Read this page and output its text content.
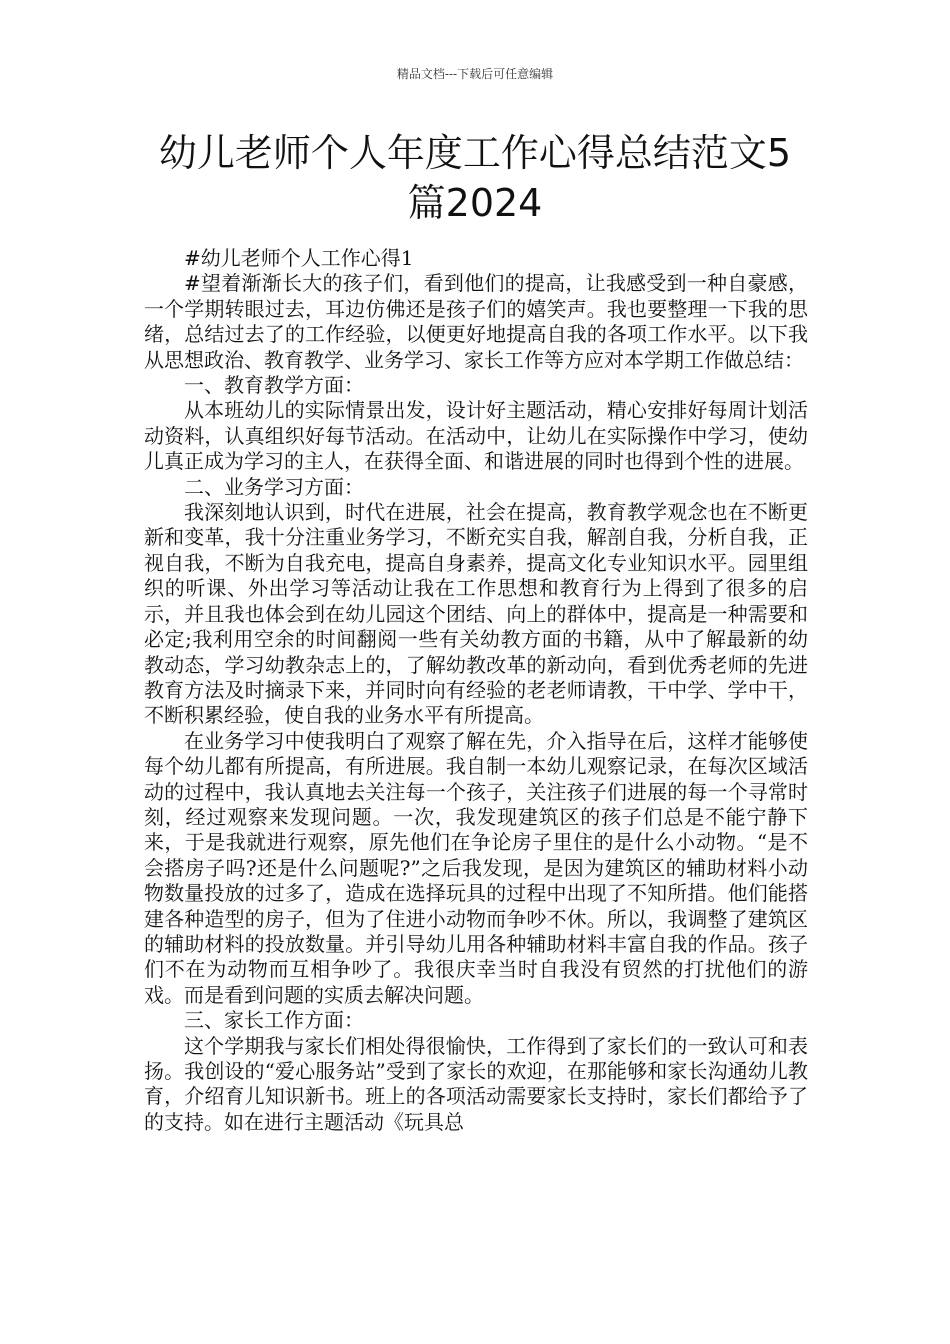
精品文档---下载后可任意编辑
幼儿老师个人年度工作心得总结范文5篇2024

#幼儿老师个人工作心得1

#望着渐渐长大的孩子们，看到他们的提高，让我感受到一种自豪感，一个学期转眼过去，耳边仿佛还是孩子们的嬉笑声。我也要整理一下我的思绪，总结过去了的工作经验，以便更好地提高自我的各项工作水平。以下我从思想政治、教育教学、业务学习、家长工作等方应对本学期工作做总结：

一、教育教学方面：

从本班幼儿的实际情景出发，设计好主题活动，精心安排好每周计划活动资料，认真组织好每节活动。在活动中，让幼儿在实际操作中学习，使幼儿真正成为学习的主人，在获得全面、和谐进展的同时也得到个性的进展。

二、业务学习方面：

我深刻地认识到，时代在进展，社会在提高，教育教学观念也在不断更新和变革，我十分注重业务学习，不断充实自我，解剖自我，分析自我，正视自我，不断为自我充电，提高自身素养，提高文化专业知识水平。园里组织的听课、外出学习等活动让我在工作思想和教育行为上得到了很多的启示，并且我也体会到在幼儿园这个团结、向上的群体中，提高是一种需要和必定;我利用空余的时间翻阅一些有关幼教方面的书籍，从中了解最新的幼教动态，学习幼教杂志上的，了解幼教改革的新动向，看到优秀老师的先进教育方法及时摘录下来，并同时向有经验的老老师请教，干中学、学中干，不断积累经验，使自我的业务水平有所提高。

在业务学习中使我明白了观察了解在先，介入指导在后，这样才能够使每个幼儿都有所提高，有所进展。我自制一本幼儿观察记录，在每次区域活动的过程中，我认真地去关注每一个孩子，关注孩子们进展的每一个寻常时刻，经过观察来发现问题。一次，我发现建筑区的孩子们总是不能宁静下来，于是我就进行观察，原先他们在争论房子里住的是什么小动物。“是不会搭房子吗?还是什么问题呢?”之后我发现，是因为建筑区的辅助材料小动物数量投放的过多了，造成在选择玩具的过程中出现了不知所措。他们能搭建各种造型的房子，但为了住进小动物而争吵不休。所以，我调整了建筑区的辅助材料的投放数量。并引导幼儿用各种辅助材料丰富自我的作品。孩子们不在为动物而互相争吵了。我很庆幸当时自我没有贸然的打扰他们的游戏。而是看到问题的实质去解决问题。

三、家长工作方面：

这个学期我与家长们相处得很愉快，工作得到了家长们的一致认可和表扬。我创设的“爱心服务站”受到了家长的欢迎，在那能够和家长沟通幼儿教育，介绍育儿知识新书。班上的各项活动需要家长支持时，家长们都给予了的支持。如在进行主题活动《玩具总
